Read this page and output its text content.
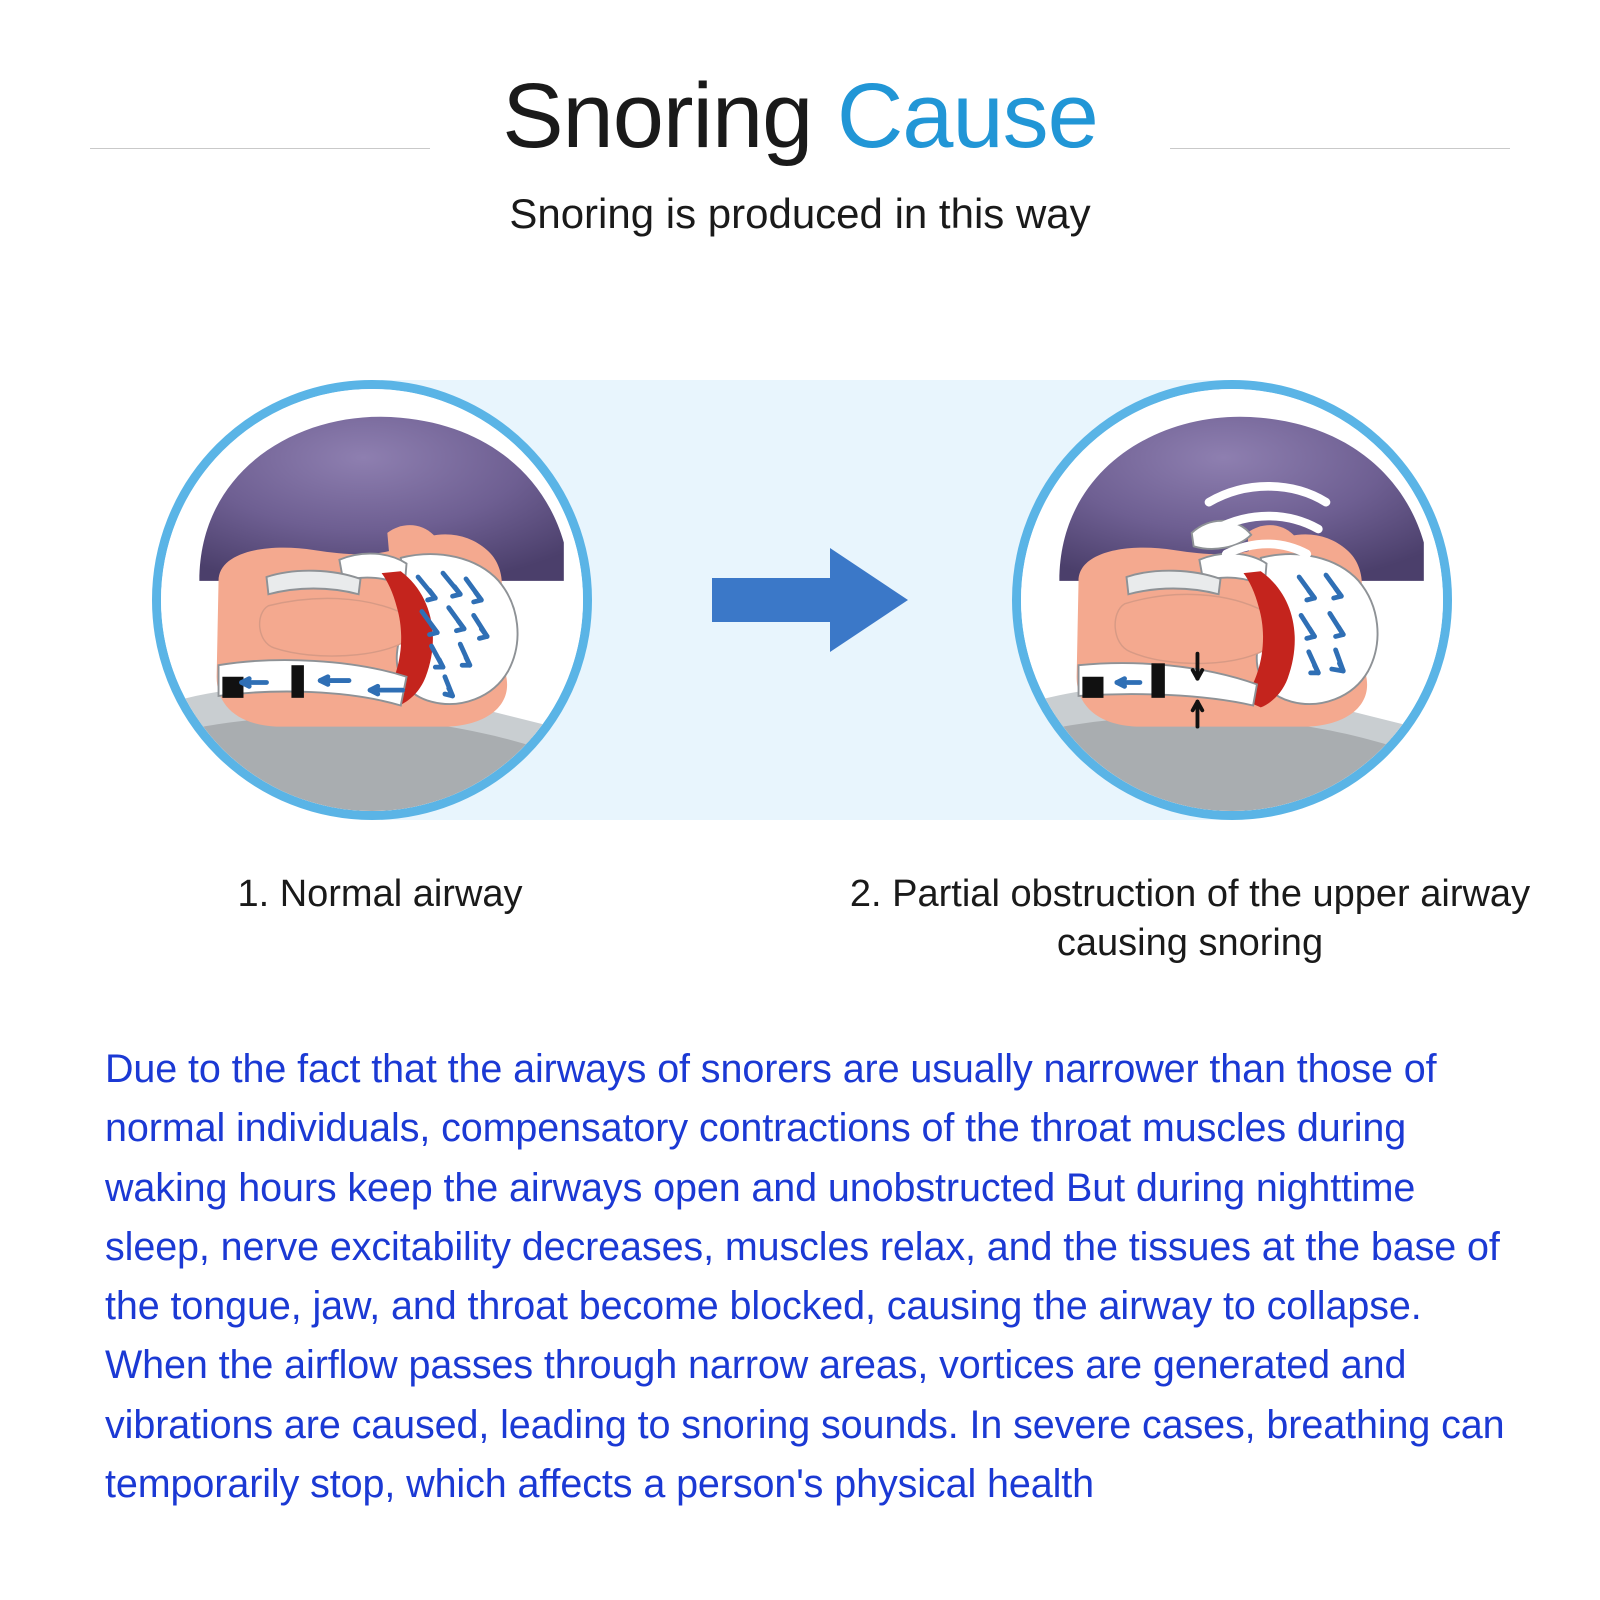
Snoring Cause
Snoring is produced in this way
1. Normal airway	2. Partial obstruction of the upper airway causing snoring
Due to the fact that the airways of snorers are usually narrower than those of normal individuals, compensatory contractions of the throat muscles during waking hours keep the airways open and unobstructed But during nighttime sleep, nerve excitability decreases, muscles relax, and the tissues at the base of the tongue, jaw, and throat become blocked, causing the airway to collapse. When the airflow passes through narrow areas, vortices are generated and vibrations are caused, leading to snoring sounds. In severe cases, breathing can temporarily stop, which affects a person's physical health
